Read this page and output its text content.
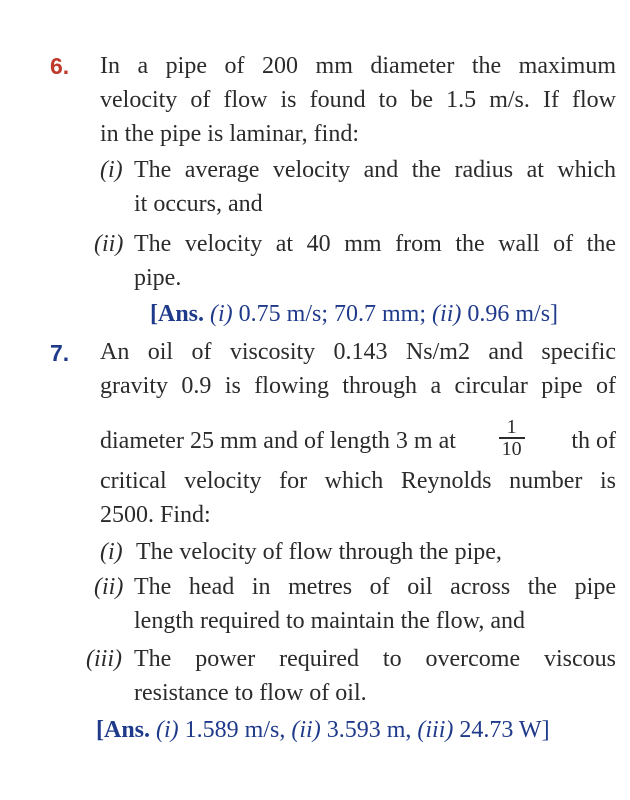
6. In a pipe of 200 mm diameter the maximum
velocity of flow is found to be 1.5 m/s. If flow
in the pipe is laminar, find:
(i) The average velocity and the radius at which
it occurs, and
(ii) The velocity at 40 mm from the wall of the
pipe.
[Ans. (i) 0.75 m/s; 70.7 mm; (ii) 0.96 m/s]
7. An oil of viscosity 0.143 Ns/m2 and specific
gravity 0.9 is flowing through a circular pipe of
diameter 25 mm and of length 3 m at $\frac{1}{10}$ th of
critical velocity for which Reynolds number is
2500. Find:
(i) The velocity of flow through the pipe,
(ii) The head in metres of oil across the pipe
length required to maintain the flow, and
(iii) The power required to overcome viscous
resistance to flow of oil.
[Ans. (i) 1.589 m/s, (ii) 3.593 m, (iii) 24.73 W]
